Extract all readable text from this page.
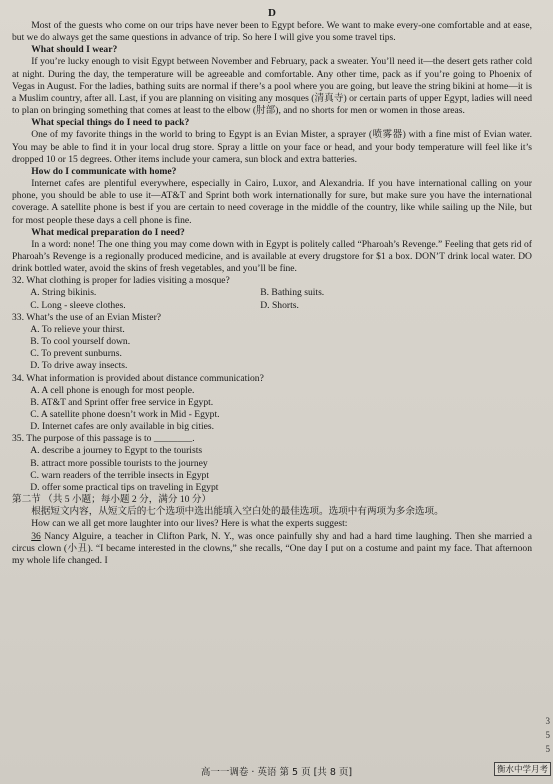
D

Most of the guests who come on our trips have never been to Egypt before. We want to make every-one comfortable and at ease, but we do always get the same questions in advance of trip. So here I will give you some travel tips.

What should I wear?

If you’re lucky enough to visit Egypt between November and February, pack a sweater. You’ll need it—the desert gets rather cold at night. During the day, the temperature will be agreeable and comfortable. Any other time, pack as if you’re going to Phoenix of Vegas in August. For the ladies, bathing suits are normal if there’s a pool where you are going, but leave the string bikini at home—it is a Muslim country, after all. Last, if you are planning on visiting any mosques (清真寺) or certain parts of upper Egypt, ladies will need to plan on bringing something that comes at least to the elbow (肘部), and no shorts for men or women in those areas.

What special things do I need to pack?

One of my favorite things in the world to bring to Egypt is an Evian Mister, a sprayer (喷雾器) with a fine mist of Evian water. You may be able to find it in your local drug store. Spray a little on your face or head, and your body temperature will feel like it’s dropped 10 or 15 degrees. Other items include your camera, sun block and extra batteries.

How do I communicate with home?

Internet cafes are plentiful everywhere, especially in Cairo, Luxor, and Alexandria. If you have international calling on your phone, you should be able to use it—AT&T and Sprint both work internationally for sure, but make sure you have the international coverage. A satellite phone is best if you are certain to need coverage in the middle of the country, like while sailing up the Nile, but for most people these days a cell phone is fine.

What medical preparation do I need?

In a word: none! The one thing you may come down with in Egypt is politely called “Pharoah’s Revenge.” Feeling that gets rid of Pharoah’s Revenge is a regionally produced medicine, and is available at every drugstore for $1 a box. DON’T drink local water. DO drink bottled water, avoid the skins of fresh vegetables, and you’ll be fine.

32. What clothing is proper for ladies visiting a mosque?
A. String bikinis.	B. Bathing suits.
C. Long - sleeve clothes.	D. Shorts.
33. What’s the use of an Evian Mister?
A. To relieve your thirst.
B. To cool yourself down.
C. To prevent sunburns.
D. To drive away insects.
34. What information is provided about distance communication?
A. A cell phone is enough for most people.
B. AT&T and Sprint offer free service in Egypt.
C. A satellite phone doesn’t work in Mid - Egypt.
D. Internet cafes are only available in big cities.
35. The purpose of this passage is to ________.
A. describe a journey to Egypt to the tourists
B. attract more possible tourists to the journey
C. warn readers of the terrible insects in Egypt
D. offer some practical tips on traveling in Egypt
第二节 （共 5 小题；每小题 2 分，满分 10 分）

根据短文内容，从短文后的七个选项中选出能填入空白处的最佳选项。选项中有两项为多余选项。

How can we all get more laughter into our lives? Here is what the experts suggest:

36 Nancy Alguire, a teacher in Clifton Park, N. Y., was once painfully shy and had a hard time laughing. Then she married a circus clown (小丑). “I became interested in the clowns,” she recalls, “One day I put on a costume and paint my face. That afternoon my whole life changed. I

3
5
5
高一一调卷 · 英语 第 5 页 [共 8 页]	衡水中学月考
